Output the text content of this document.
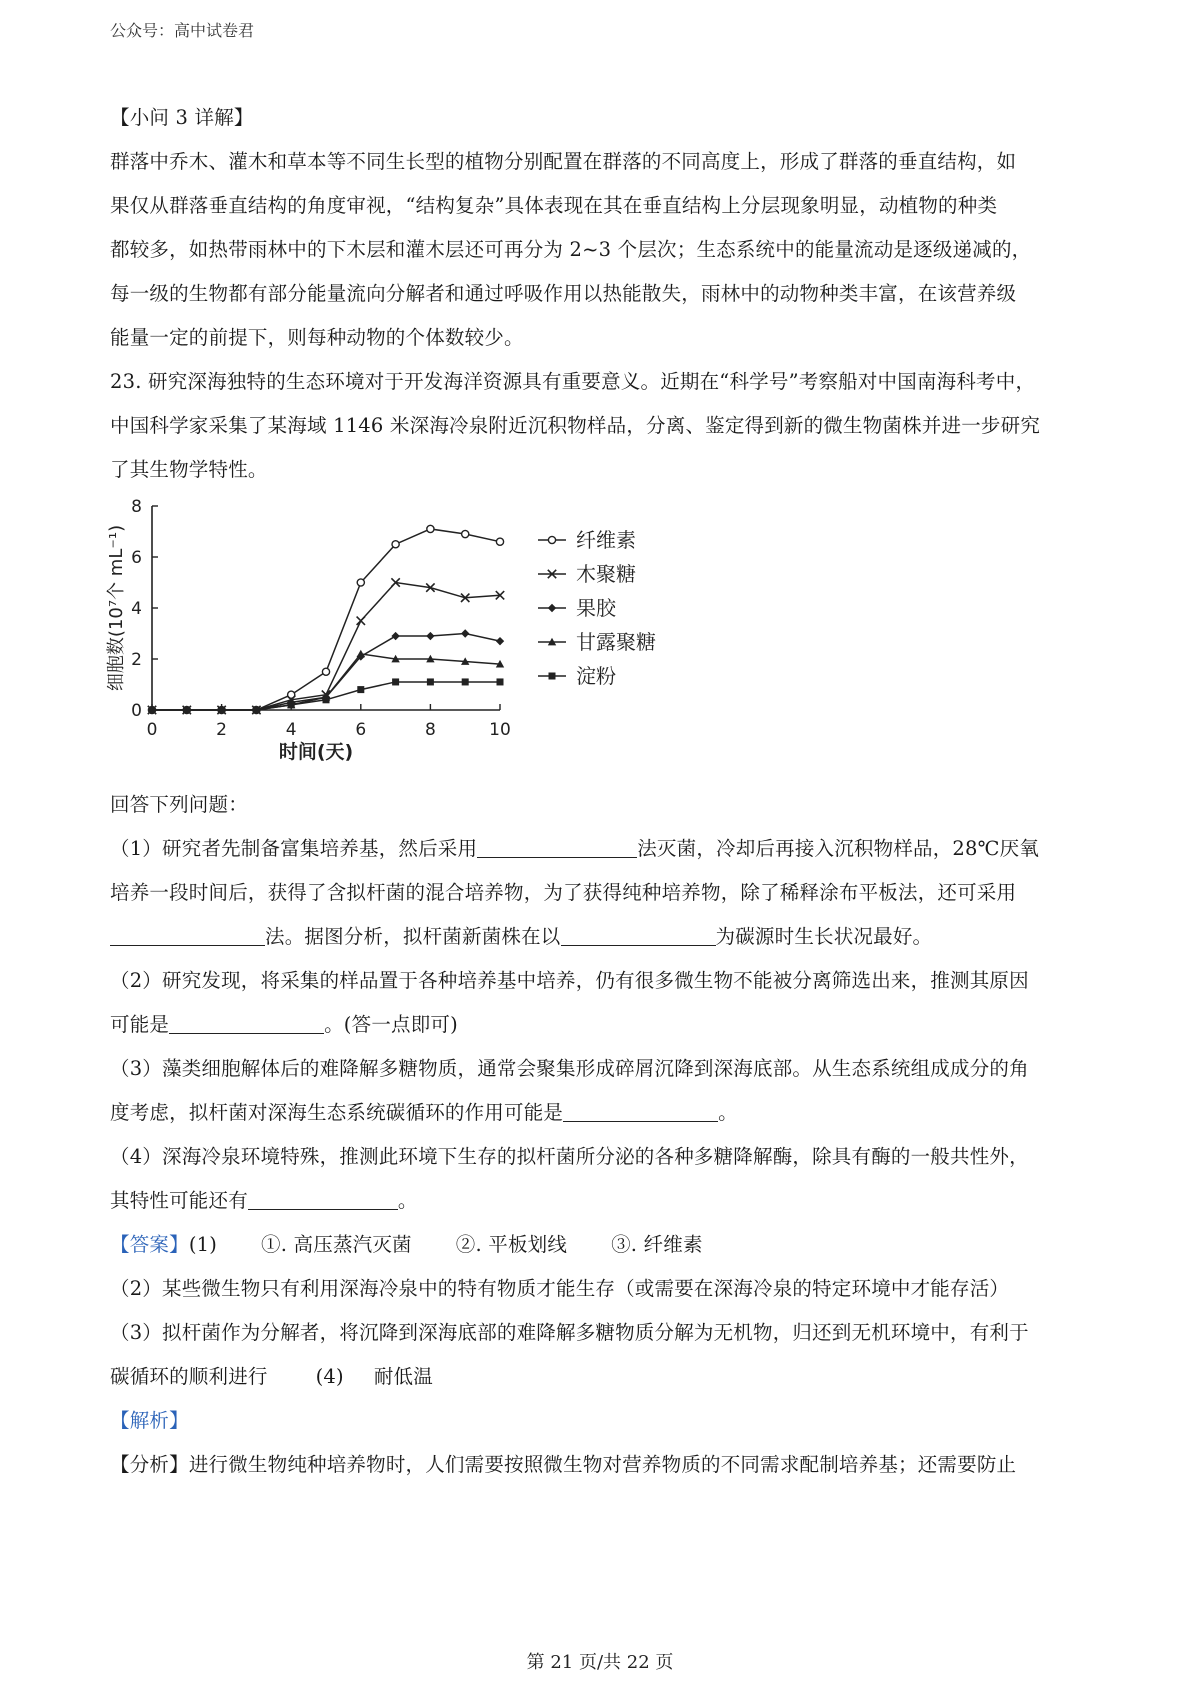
公众号：高中试卷君
【小问 3 详解】
群落中乔木、灌木和草本等不同生长型的植物分别配置在群落的不同高度上，形成了群落的垂直结构，如
果仅从群落垂直结构的角度审视，“结构复杂”具体表现在其在垂直结构上分层现象明显，动植物的种类
都较多，如热带雨林中的下木层和灌木层还可再分为 2~3 个层次；生态系统中的能量流动是逐级递减的，
每一级的生物都有部分能量流向分解者和通过呼吸作用以热能散失，雨林中的动物种类丰富，在该营养级
能量一定的前提下，则每种动物的个体数较少。
23. 研究深海独特的生态环境对于开发海洋资源具有重要意义。近期在“科学号”考察船对中国南海科考中，
中国科学家采集了某海域 1146 米深海冷泉附近沉积物样品，分离、鉴定得到新的微生物菌株并进一步研究
了其生物学特性。
0
2
4
6
8
0	2	4	6	8	10
时间(天)
细胞数(10⁷个 mL⁻¹)	纤维素
木聚糖
果胶
甘露聚糖
淀粉
回答下列问题：
（1）研究者先制备富集培养基，然后采用	法灭菌，冷却后再接入沉积物样品，28℃厌氧
培养一段时间后，获得了含拟杆菌的混合培养物，为了获得纯种培养物，除了稀释涂布平板法，还可采用
法。据图分析，拟杆菌新菌株在以	为碳源时生长状况最好。
（2）研究发现，将采集的样品置于各种培养基中培养，仍有很多微生物不能被分离筛选出来，推测其原因
可能是	。(答一点即可)
（3）藻类细胞解体后的难降解多糖物质，通常会聚集形成碎屑沉降到深海底部。从生态系统组成成分的角
度考虑，拟杆菌对深海生态系统碳循环的作用可能是	。
（4）深海冷泉环境特殊，推测此环境下生存的拟杆菌所分泌的各种多糖降解酶，除具有酶的一般共性外，
其特性可能还有	。
【答案】(1) ①. 高压蒸汽灭菌 ②. 平板划线 ③. 纤维素
（2）某些微生物只有利用深海冷泉中的特有物质才能生存（或需要在深海冷泉的特定环境中才能存活）
（3）拟杆菌作为分解者，将沉降到深海底部的难降解多糖物质分解为无机物，归还到无机环境中，有利于
碳循环的顺利进行 (4) 耐低温
【解析】
【分析】进行微生物纯种培养物时，人们需要按照微生物对营养物质的不同需求配制培养基；还需要防止
第 21 页/共 22 页
